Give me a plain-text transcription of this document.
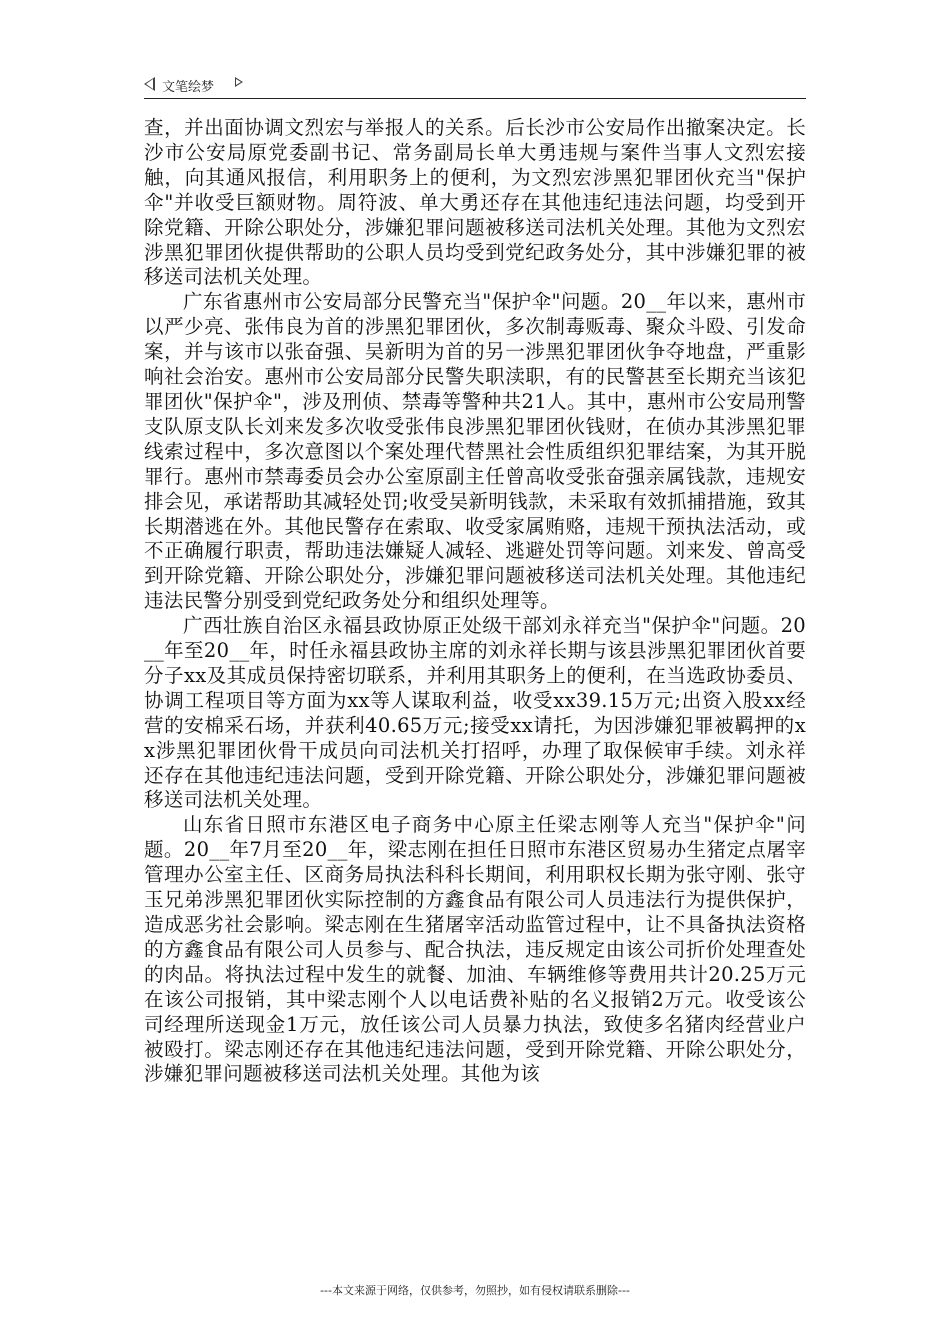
文笔绘梦

查，并出面协调文烈宏与举报人的关系。后长沙市公安局作出撤案决定。长沙市公安局原党委副书记、常务副局长单大勇违规与案件当事人文烈宏接触，向其通风报信，利用职务上的便利，为文烈宏涉黑犯罪团伙充当"保护伞"并收受巨额财物。周符波、单大勇还存在其他违纪违法问题，均受到开除党籍、开除公职处分，涉嫌犯罪问题被移送司法机关处理。其他为文烈宏涉黑犯罪团伙提供帮助的公职人员均受到党纪政务处分，其中涉嫌犯罪的被移送司法机关处理。

广东省惠州市公安局部分民警充当"保护伞"问题。20__年以来，惠州市以严少亮、张伟良为首的涉黑犯罪团伙，多次制毒贩毒、聚众斗殴、引发命案，并与该市以张奋强、吴新明为首的另一涉黑犯罪团伙争夺地盘，严重影响社会治安。惠州市公安局部分民警失职渎职，有的民警甚至长期充当该犯罪团伙"保护伞"，涉及刑侦、禁毒等警种共21人。其中，惠州市公安局刑警支队原支队长刘来发多次收受张伟良涉黑犯罪团伙钱财，在侦办其涉黑犯罪线索过程中，多次意图以个案处理代替黑社会性质组织犯罪结案，为其开脱罪行。惠州市禁毒委员会办公室原副主任曾高收受张奋强亲属钱款，违规安排会见，承诺帮助其减轻处罚;收受吴新明钱款，未采取有效抓捕措施，致其长期潜逃在外。其他民警存在索取、收受家属贿赂，违规干预执法活动，或不正确履行职责，帮助违法嫌疑人减轻、逃避处罚等问题。刘来发、曾高受到开除党籍、开除公职处分，涉嫌犯罪问题被移送司法机关处理。其他违纪违法民警分别受到党纪政务处分和组织处理等。

广西壮族自治区永福县政协原正处级干部刘永祥充当"保护伞"问题。20__年至20__年，时任永福县政协主席的刘永祥长期与该县涉黑犯罪团伙首要分子xx及其成员保持密切联系，并利用其职务上的便利，在当选政协委员、协调工程项目等方面为xx等人谋取利益，收受xx39.15万元;出资入股xx经营的安棉采石场，并获利40.65万元;接受xx请托，为因涉嫌犯罪被羁押的xx涉黑犯罪团伙骨干成员向司法机关打招呼，办理了取保候审手续。刘永祥还存在其他违纪违法问题，受到开除党籍、开除公职处分，涉嫌犯罪问题被移送司法机关处理。

山东省日照市东港区电子商务中心原主任梁志刚等人充当"保护伞"问题。20__年7月至20__年，梁志刚在担任日照市东港区贸易办生猪定点屠宰管理办公室主任、区商务局执法科科长期间，利用职权长期为张守刚、张守玉兄弟涉黑犯罪团伙实际控制的方鑫食品有限公司人员违法行为提供保护，造成恶劣社会影响。梁志刚在生猪屠宰活动监管过程中，让不具备执法资格的方鑫食品有限公司人员参与、配合执法，违反规定由该公司折价处理查处的肉品。将执法过程中发生的就餐、加油、车辆维修等费用共计20.25万元在该公司报销，其中梁志刚个人以电话费补贴的名义报销2万元。收受该公司经理所送现金1万元，放任该公司人员暴力执法，致使多名猪肉经营业户被殴打。梁志刚还存在其他违纪违法问题，受到开除党籍、开除公职处分，涉嫌犯罪问题被移送司法机关处理。其他为该

---本文来源于网络，仅供参考，勿照抄，如有侵权请联系删除---
